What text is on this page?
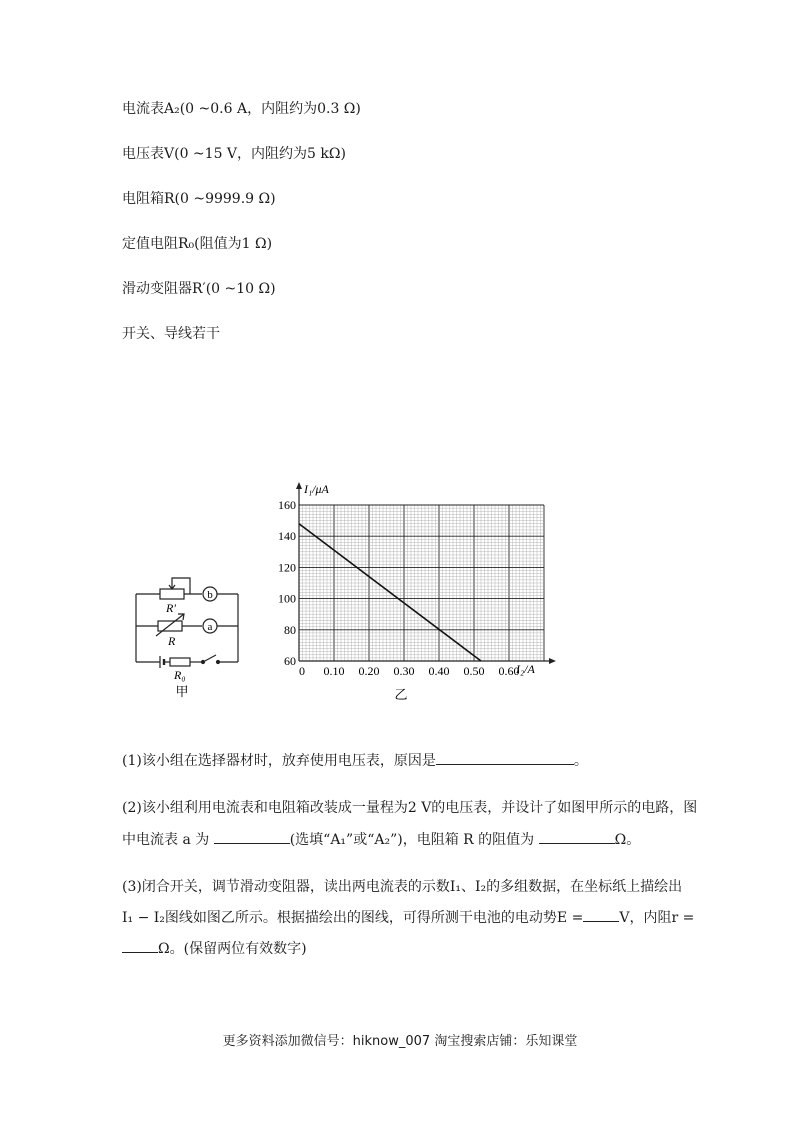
电流表A₂(0 ~0.6 A，内阻约为0.3 Ω)
电压表V(0 ~15 V，内阻约为5 kΩ)
电阻箱R(0 ~9999.9 Ω)
定值电阻R₀(阻值为1 Ω)
滑动变阻器R′(0 ~10 Ω)
开关、导线若干
b
a
R′
R
R₀
甲
60
80
100
120
140
160
0 0.10 0.20 0.30 0.40 0.50 0.60
I₁/μA
I₂/A
乙
(1)该小组在选择器材时，放弃使用电压表，原因是	。
(2)该小组利用电流表和电阻箱改装成一量程为2 V的电压表，并设计了如图甲所示的电路，图
中电流表 a 为	(选填“A₁”或“A₂”)，电阻箱 R 的阻值为	Ω。
(3)闭合开关，调节滑动变阻器，读出两电流表的示数I₁、I₂的多组数据，在坐标纸上描绘出
I₁ − I₂图线如图乙所示。根据描绘出的图线，可得所测干电池的电动势E =	V，内阻r =
Ω。(保留两位有效数字)
更多资料添加微信号：hiknow_007 淘宝搜索店铺：乐知课堂
